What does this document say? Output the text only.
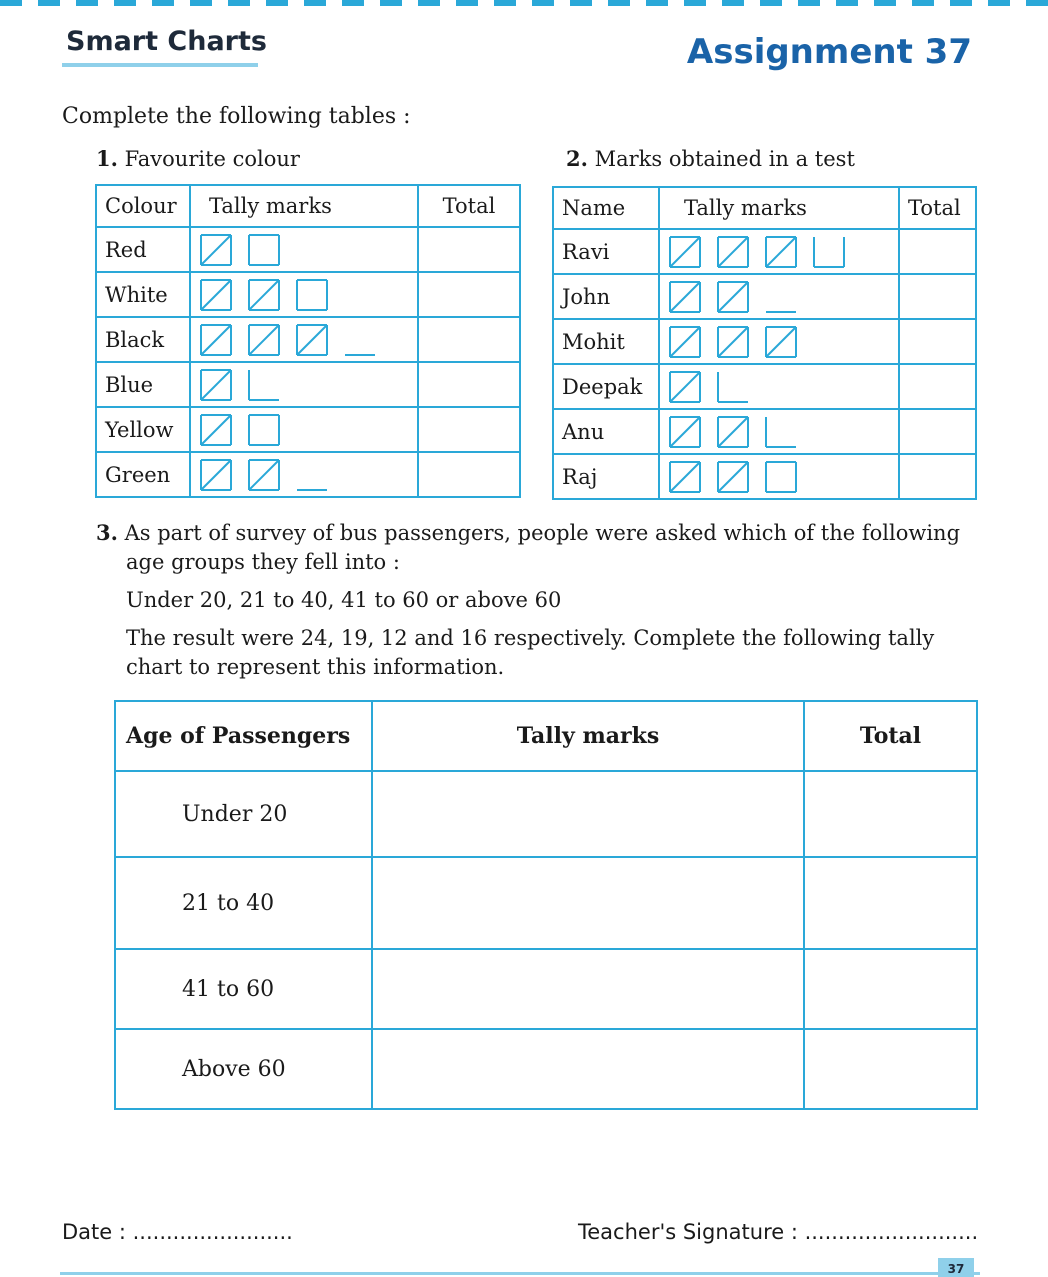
Smart Charts	Assignment 37
Complete the following tables :
1. Favourite colour	2. Marks obtained in a test
Colour	Tally marks	Total
Red	

White	

Black	

Blue	

Yellow	

Green	

Name	Tally marks	Total
Ravi	

John	

Mohit	

Deepak	

Anu	

Raj	

3. As part of survey of bus passengers, people were asked which of the following

age groups they fell into :

Under 20, 21 to 40, 41 to 60 or above 60

The result were 24, 19, 12 and 16 respectively. Complete the following tally

chart to represent this information.

Age of Passengers	Tally marks	Total
Under 20		
21 to 40		
41 to 60		
Above 60		
Date : ........................	Teacher's Signature : ..........................
37
